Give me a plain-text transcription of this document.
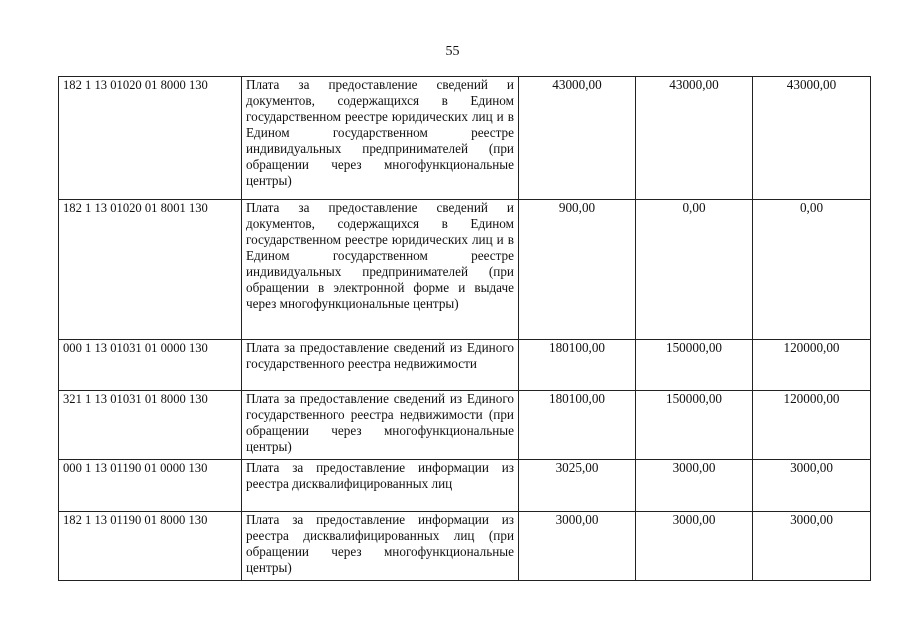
55
182 1 13 01020 01 8000 130	Плата за предоставление сведений и документов, содержащихся в Едином государственном реестре юридических лиц и в Едином государственном реестре индивидуальных предпринимателей (при обращении через многофункциональные центры)	43000,00	43000,00	43000,00
182 1 13 01020 01 8001 130	Плата за предоставление сведений и документов, содержащихся в Едином государственном реестре юридических лиц и в Едином государственном реестре индивидуальных предпринимателей (при обращении в электронной форме и выдаче через многофункциональные центры)	900,00	0,00	0,00
000 1 13 01031 01 0000 130	Плата за предоставление сведений из Единого государственного реестра недвижимости	180100,00	150000,00	120000,00
321 1 13 01031 01 8000 130	Плата за предоставление сведений из Единого государственного реестра недвижимости (при обращении через многофункциональные центры)	180100,00	150000,00	120000,00
000 1 13 01190 01 0000 130	Плата за предоставление информации из реестра дисквалифицированных лиц	3025,00	3000,00	3000,00
182 1 13 01190 01 8000 130	Плата за предоставление информации из реестра дисквалифицированных лиц (при обращении через многофункциональные центры)	3000,00	3000,00	3000,00
